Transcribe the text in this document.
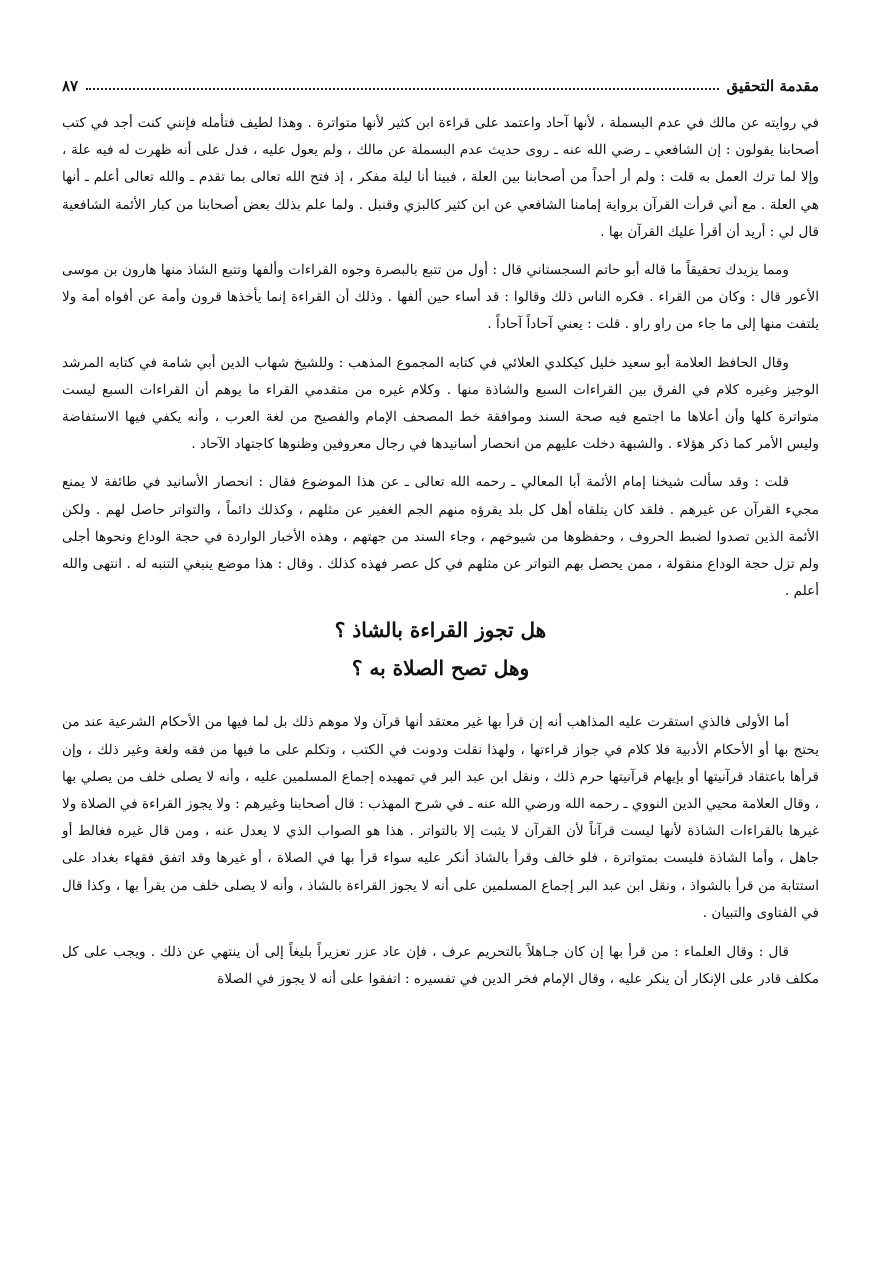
مقدمة التحقيق
٨٧

في روايته عن مالك في عدم البسملة ، لأنها آحاد واعتمد على قراءة ابن كثير لأنها متواترة . وهذا لطيف فتأمله فإنني كنت أجد في كتب أصحابنا يقولون : إن الشافعي ـ رضي الله عنه ـ روى حديث عدم البسملة عن مالك ، ولم يعول عليه ، فدل على أنه ظهرت له فيه علة ، وإلا لما ترك العمل به قلت : ولم أر أحداً من أصحابنا بين العلة ، فبينا أنا ليلة مفكر ، إذ فتح الله تعالى بما تقدم ـ والله تعالى أعلم ـ أنها هي العلة . مع أني قرأت القرآن برواية إمامنا الشافعي عن ابن كثير كالبزي وقنبل . ولما علم بذلك بعض أصحابنا من كبار الأئمة الشافعية قال لي : أريد أن أقرأ عليك القرآن بها .

ومما يزيدك تحقيقاً ما قاله أبو حاتم السجستاني قال : أول من تتبع بالبصرة وجوه القراءات وألفها وتتبع الشاذ منها هارون بن موسى الأعور قال : وكان من القراء . فكره الناس ذلك وقالوا : قد أساء حين ألفها . وذلك أن القراءة إنما يأخذها قرون وأمة عن أفواه أمة ولا يلتفت منها إلى ما جاء من راو راو . قلت : يعني آحاداً آحاداً .

وقال الحافظ العلامة أبو سعيد خليل كيكلدي العلائي في كتابه المجموع المذهب : وللشيخ شهاب الدين أبي شامة في كتابه المرشد الوجيز وغيره كلام في الفرق بين القراءات السبع والشاذة منها . وكلام غيره من متقدمي القراء ما يوهم أن القراءات السبع ليست متواترة كلها وأن أعلاها ما اجتمع فيه صحة السند وموافقة خط المصحف الإمام والفصيح من لغة العرب ، وأنه يكفي فيها الاستفاضة وليس الأمر كما ذكر هؤلاء . والشبهة دخلت عليهم من انحصار أسانيدها في رجال معروفين وظنوها كاجتهاد الآحاد .

قلت : وقد سألت شيخنا إمام الأئمة أبا المعالي ـ رحمه الله تعالى ـ عن هذا الموضوع فقال : انحصار الأسانيد في طائفة لا يمنع مجيء القرآن عن غيرهم . فلقد كان يتلقاه أهل كل بلد يقرؤه منهم الجم الغفير عن مثلهم ، وكذلك دائماً ، والتواتر حاصل لهم . ولكن الأئمة الذين تصدوا لضبط الحروف ، وحفظوها من شيوخهم ، وجاء السند من جهتهم ، وهذه الأخبار الواردة في حجة الوداع ونحوها أجلى ولم تزل حجة الوداع منقولة ، ممن يحصل بهم التواتر عن مثلهم في كل عصر فهذه كذلك . وقال : هذا موضع ينبغي التنبه له . انتهى والله أعلم .

هل تجوز القراءة بالشاذ ؟
وهل تصح الصلاة به ؟

أما الأولى فالذي استقرت عليه المذاهب أنه إن قرأ بها غير معتقد أنها قرآن ولا موهم ذلك بل لما فيها من الأحكام الشرعية عند من يحتج بها أو الأحكام الأدبية فلا كلام في جواز قراءتها ، ولهذا نقلت ودونت في الكتب ، وتكلم على ما فيها من فقه ولغة وغير ذلك ، وإن قرأها باعتقاد قرآنيتها أو بإيهام قرآنيتها حرم ذلك ، ونقل ابن عبد البر في تمهيده إجماع المسلمين عليه ، وأنه لا يصلى خلف من يصلي بها ، وقال العلامة محيي الدين النووي ـ رحمه الله ورضي الله عنه ـ في شرح المهذب : قال أصحابنا وغيرهم : ولا يجوز القراءة في الصلاة ولا غيرها بالقراءات الشاذة لأنها ليست قرآناً لأن القرآن لا يثبت إلا بالتواتر . هذا هو الصواب الذي لا يعدل عنه ، ومن قال غيره فغالط أو جاهل ، وأما الشاذة فليست بمتواترة ، فلو خالف وقرأ بالشاذ أنكر عليه سواء قرأ بها في الصلاة ، أو غيرها وقد اتفق فقهاء بغداد على استتابة من قرأ بالشواذ ، ونقل ابن عبد البر إجماع المسلمين على أنه لا يجوز القراءة بالشاذ ، وأنه لا يصلى خلف من يقرأ بها ، وكذا قال في الفتاوى والتبيان .

قال : وقال العلماء : من قرأ بها إن كان جـاهلاً بالتحريم عرف ، فإن عاد عزر تعزيراً بليغاً إلى أن ينتهي عن ذلك . ويجب على كل مكلف قادر على الإنكار أن ينكر عليه ، وقال الإمام فخر الدين في تفسيره : اتفقوا على أنه لا يجوز في الصلاة
